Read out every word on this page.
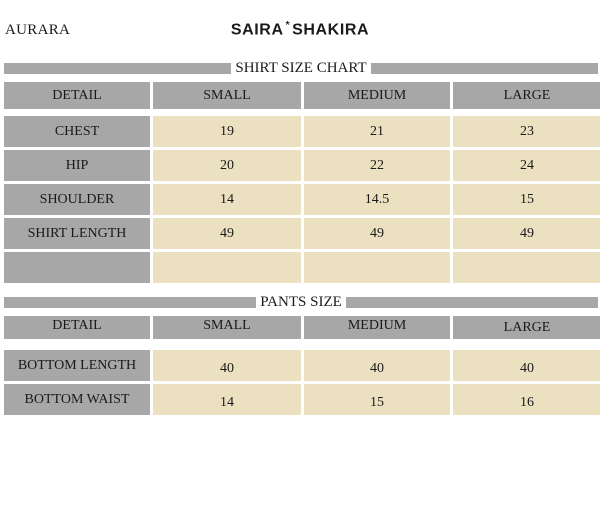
AURARA	SAIRA * SHAKIRA
SHIRT SIZE CHART
DETAIL	SMALL	MEDIUM	LARGE
CHEST	19	21	23
HIP	20	22	24
SHOULDER	14	14.5	15
SHIRT LENGTH	49	49	49
PANTS SIZE
DETAIL	SMALL	MEDIUM	LARGE
BOTTOM LENGTH	40	40	40
BOTTOM WAIST	14	15	16
